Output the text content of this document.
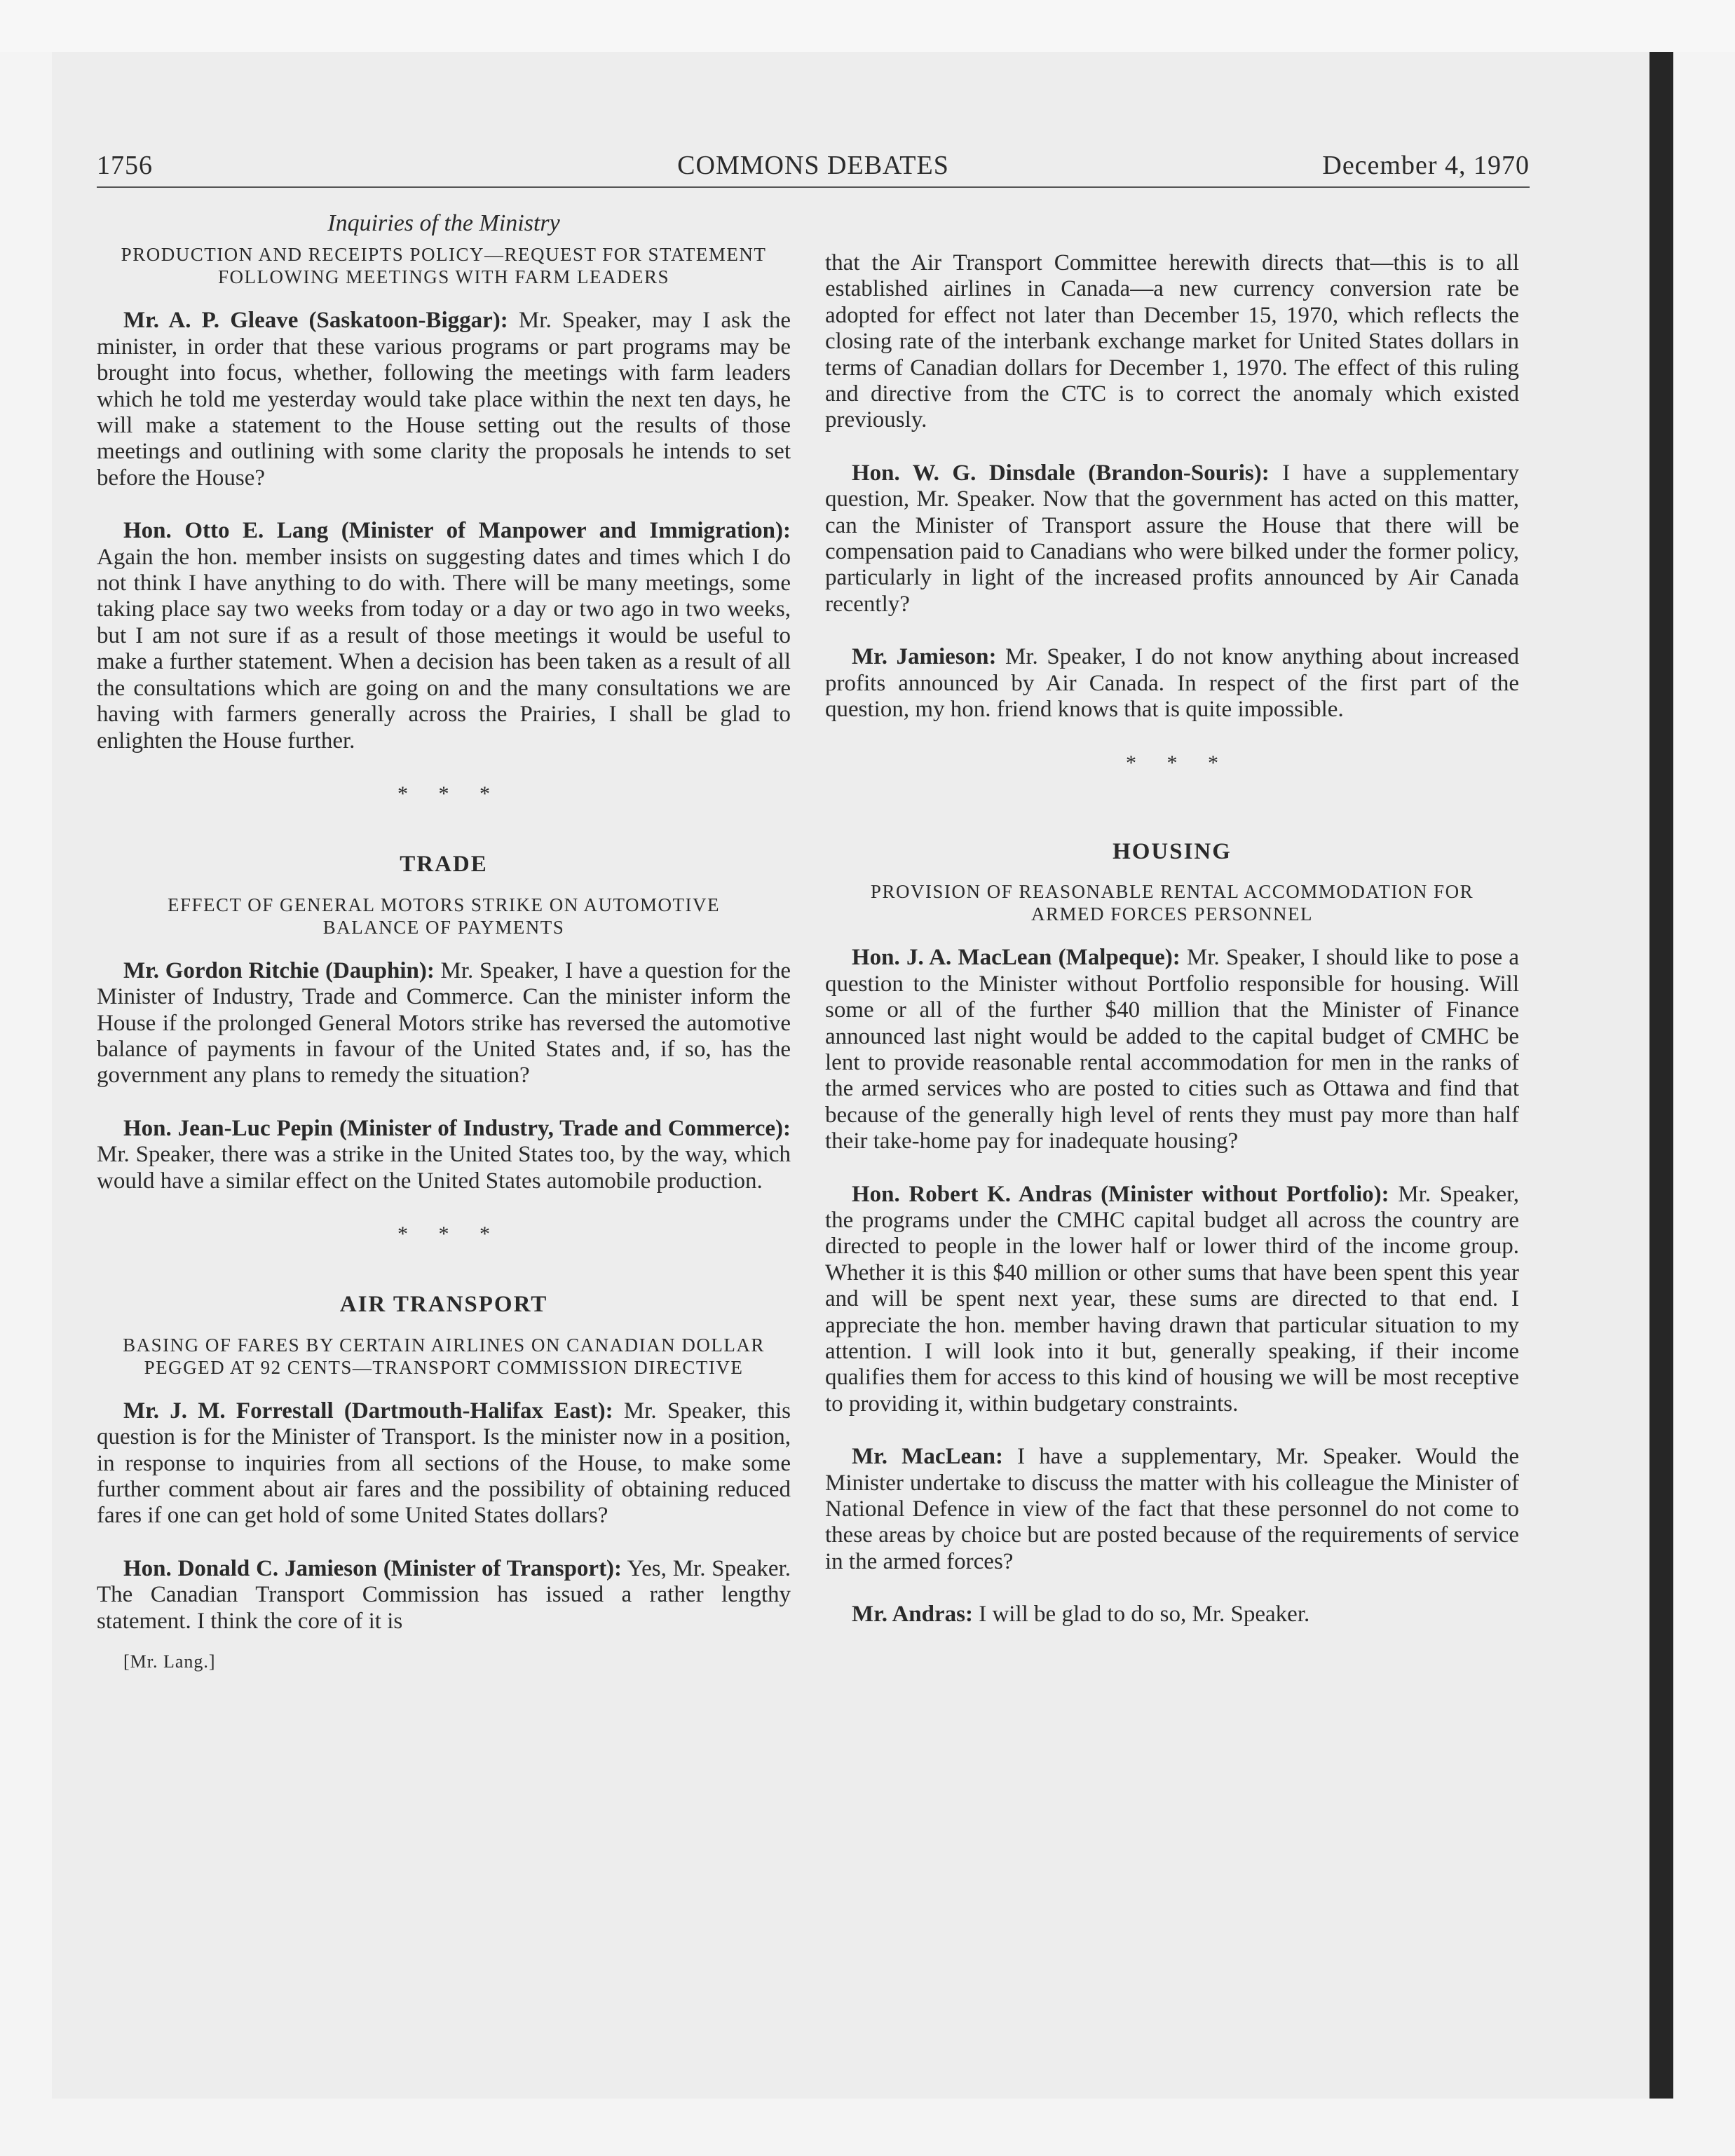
1756	COMMONS DEBATES	December 4, 1970
Inquiries of the Ministry
PRODUCTION AND RECEIPTS POLICY—REQUEST FOR STATEMENT FOLLOWING MEETINGS WITH FARM LEADERS

Mr. A. P. Gleave (Saskatoon-Biggar): Mr. Speaker, may I ask the minister, in order that these various programs or part programs may be brought into focus, whether, following the meetings with farm leaders which he told me yesterday would take place within the next ten days, he will make a statement to the House setting out the results of those meetings and outlining with some clarity the proposals he intends to set before the House?

Hon. Otto E. Lang (Minister of Manpower and Immigration): Again the hon. member insists on suggesting dates and times which I do not think I have anything to do with. There will be many meetings, some taking place say two weeks from today or a day or two ago in two weeks, but I am not sure if as a result of those meetings it would be useful to make a further statement. When a decision has been taken as a result of all the consultations which are going on and the many consultations we are having with farmers generally across the Prairies, I shall be glad to enlighten the House further.

* * *
TRADE
EFFECT OF GENERAL MOTORS STRIKE ON AUTOMOTIVE BALANCE OF PAYMENTS

Mr. Gordon Ritchie (Dauphin): Mr. Speaker, I have a question for the Minister of Industry, Trade and Commerce. Can the minister inform the House if the prolonged General Motors strike has reversed the automotive balance of payments in favour of the United States and, if so, has the government any plans to remedy the situation?

Hon. Jean-Luc Pepin (Minister of Industry, Trade and Commerce): Mr. Speaker, there was a strike in the United States too, by the way, which would have a similar effect on the United States automobile production.

* * *
AIR TRANSPORT
BASING OF FARES BY CERTAIN AIRLINES ON CANADIAN DOLLAR PEGGED AT 92 CENTS—TRANSPORT COMMISSION DIRECTIVE

Mr. J. M. Forrestall (Dartmouth-Halifax East): Mr. Speaker, this question is for the Minister of Transport. Is the minister now in a position, in response to inquiries from all sections of the House, to make some further comment about air fares and the possibility of obtaining reduced fares if one can get hold of some United States dollars?

Hon. Donald C. Jamieson (Minister of Transport): Yes, Mr. Speaker. The Canadian Transport Commission has issued a rather lengthy statement. I think the core of it is

[Mr. Lang.]

that the Air Transport Committee herewith directs that—this is to all established airlines in Canada—a new currency conversion rate be adopted for effect not later than December 15, 1970, which reflects the closing rate of the interbank exchange market for United States dollars in terms of Canadian dollars for December 1, 1970. The effect of this ruling and directive from the CTC is to correct the anomaly which existed previously.

Hon. W. G. Dinsdale (Brandon-Souris): I have a supplementary question, Mr. Speaker. Now that the government has acted on this matter, can the Minister of Transport assure the House that there will be compensation paid to Canadians who were bilked under the former policy, particularly in light of the increased profits announced by Air Canada recently?

Mr. Jamieson: Mr. Speaker, I do not know anything about increased profits announced by Air Canada. In respect of the first part of the question, my hon. friend knows that is quite impossible.

* * *
HOUSING
PROVISION OF REASONABLE RENTAL ACCOMMODATION FOR ARMED FORCES PERSONNEL

Hon. J. A. MacLean (Malpeque): Mr. Speaker, I should like to pose a question to the Minister without Portfolio responsible for housing. Will some or all of the further $40 million that the Minister of Finance announced last night would be added to the capital budget of CMHC be lent to provide reasonable rental accommodation for men in the ranks of the armed services who are posted to cities such as Ottawa and find that because of the generally high level of rents they must pay more than half their take-home pay for inadequate housing?

Hon. Robert K. Andras (Minister without Portfolio): Mr. Speaker, the programs under the CMHC capital budget all across the country are directed to people in the lower half or lower third of the income group. Whether it is this $40 million or other sums that have been spent this year and will be spent next year, these sums are directed to that end. I appreciate the hon. member having drawn that particular situation to my attention. I will look into it but, generally speaking, if their income qualifies them for access to this kind of housing we will be most receptive to providing it, within budgetary constraints.

Mr. MacLean: I have a supplementary, Mr. Speaker. Would the Minister undertake to discuss the matter with his colleague the Minister of National Defence in view of the fact that these personnel do not come to these areas by choice but are posted because of the requirements of service in the armed forces?

Mr. Andras: I will be glad to do so, Mr. Speaker.
